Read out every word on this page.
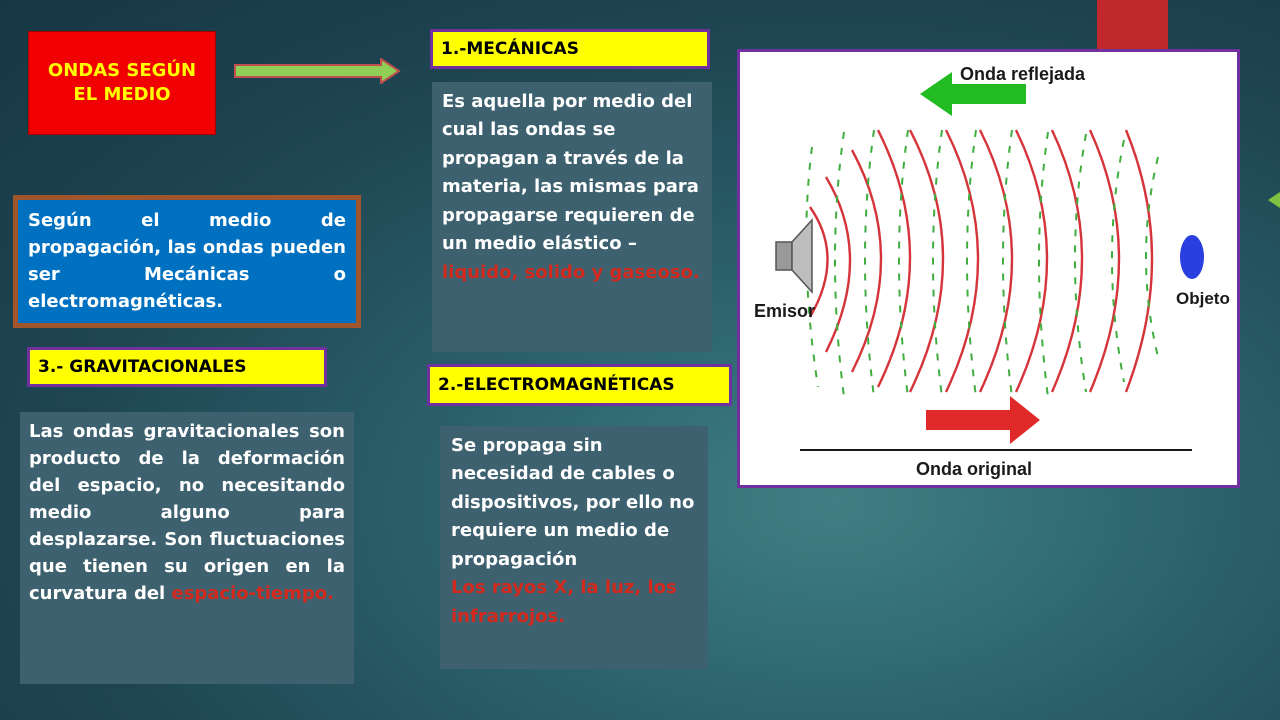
ONDAS SEGÚN EL MEDIO
Según el medio de propagación, las ondas pueden ser Mecánicas o electromagnéticas.
1.-MECÁNICAS
Es aquella por medio del cual las ondas se propagan a través de la materia, las mismas para propagarse requieren de un medio elástico – liquido, solido y gaseoso.
2.-ELECTROMAGNÉTICAS
Se propaga sin necesidad de cables o dispositivos, por ello no requiere un medio de propagación
Los rayos X, la luz, los infrarrojos.
3.- GRAVITACIONALES
Las ondas gravitacionales son producto de la deformación del espacio, no necesitando medio alguno para desplazarse. Son fluctuaciones que tienen su origen en la curvatura del espacio-tiempo.
Onda reflejada
Emisor
Objeto
Onda original
